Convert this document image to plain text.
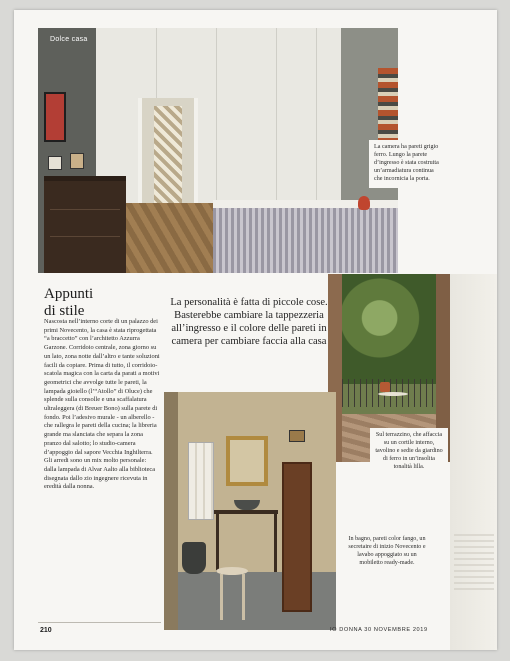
Dolce casa
La camera ha pareti grigio ferro. Lungo la parete d’ingresso è stata costruita un’armadiatura continua che incornicia la porta.
Appunti
di stile
Nascosta nell’interno corte di un palazzo dei primi Novecento, la casa è stata riprogettata “a braccetto” con l’architetto Azzurra Garzone. Corridoio centrale, zona giorno su un lato, zona notte dall’altro e tante soluzioni facili da copiare. Prima di tutto, il corridoio-scatola magica con la carta da parati a motivi geometrici che avvolge tutte le pareti, la lampada gioiello (l’“Atollo” di Oluce) che splende sulla consolle e una scaffalatura ultraleggera (di Breuer Bono) sulla parete di fondo. Poi l’adesivo murale - un alberello - che rallegra le pareti della cucina; la libreria grande ma slanciata che separa la zona pranzo dal salotto; lo studio-camera d’appoggio dal sapore Vecchia Inghilterra. Gli arredi sono un mix molto personale: dalla lampada di Alvar Aalto alla biblioteca disegnata dallo zio ingegnere ricevuta in eredità dalla nonna.
La personalità è fatta di piccole cose. Basterebbe cambiare la tappezzeria all’ingresso e il colore delle pareti in camera per cambiare faccia alla casa
Sul terrazzino, che affaccia su un cortile interno, tavolino e sedie da giardino di ferro in un’insolita tonalità lilla.
In bagno, pareti color fango, un secretaire di inizio Novecento e lavabo appoggiato su un mobiletto ready-made.
210	IO DONNA 30 NOVEMBRE 2019
